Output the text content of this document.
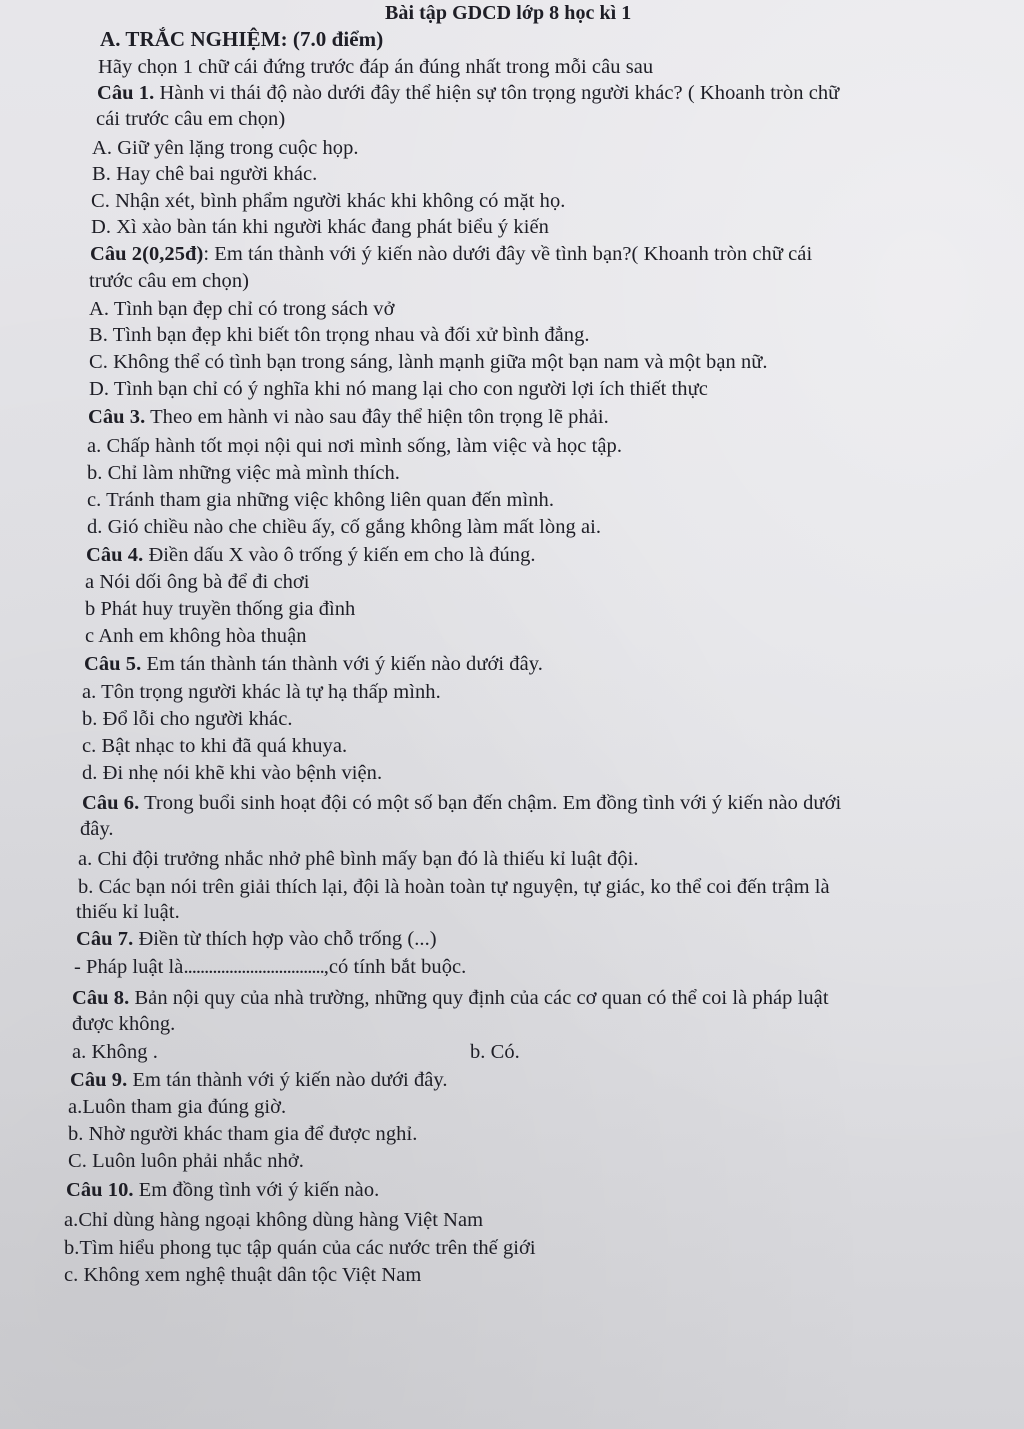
Bài tập GDCD lớp 8 học kì 1
A. TRẮC NGHIỆM: (7.0 điểm)
Hãy chọn 1 chữ cái đứng trước đáp án đúng nhất trong mỗi câu sau
Câu 1. Hành vi thái độ nào dưới đây thể hiện sự tôn trọng người khác? ( Khoanh tròn chữ
cái trước câu em chọn)
A. Giữ yên lặng trong cuộc họp.
B. Hay chê bai người khác.
C. Nhận xét, bình phẩm người khác khi không có mặt họ.
D. Xì xào bàn tán khi người khác đang phát biểu ý kiến
Câu 2(0,25đ): Em tán thành với ý kiến nào dưới đây về tình bạn?( Khoanh tròn chữ cái
trước câu em chọn)
A. Tình bạn đẹp chỉ có trong sách vở
B. Tình bạn đẹp khi biết tôn trọng nhau và đối xử bình đẳng.
C. Không thể có tình bạn trong sáng, lành mạnh giữa một bạn nam và một bạn nữ.
D. Tình bạn chỉ có ý nghĩa khi nó mang lại cho con người lợi ích thiết thực
Câu 3. Theo em hành vi nào sau đây thể hiện tôn trọng lẽ phải.
a. Chấp hành tốt mọi nội qui nơi mình sống, làm việc và học tập.
b. Chỉ làm những việc mà mình thích.
c. Tránh tham gia những việc không liên quan đến mình.
d. Gió chiều nào che chiều ấy, cố gắng không làm mất lòng ai.
Câu 4. Điền dấu X vào ô trống ý kiến em cho là đúng.
a Nói dối ông bà để đi chơi
b Phát huy truyền thống gia đình
c Anh em không hòa thuận
Câu 5. Em tán thành tán thành với ý kiến nào dưới đây.
a. Tôn trọng người khác là tự hạ thấp mình.
b. Đổ lỗi cho người khác.
c. Bật nhạc to khi đã quá khuya.
d. Đi nhẹ nói khẽ khi vào bệnh viện.
Câu 6. Trong buổi sinh hoạt đội có một số bạn đến chậm. Em đồng tình với ý kiến nào dưới
đây.
a. Chi đội trưởng nhắc nhở phê bình mấy bạn đó là thiếu kỉ luật đội.
b. Các bạn nói trên giải thích lại, đội là hoàn toàn tự nguyện, tự giác, ko thể coi đến trậm là
thiếu kỉ luật.
Câu 7. Điền từ thích hợp vào chỗ trống (...)
- Pháp luật là..................................,có tính bắt buộc.
Câu 8. Bản nội quy của nhà trường, những quy định của các cơ quan có thể coi là pháp luật
được không.
a. Không .	b. Có.
Câu 9. Em tán thành với ý kiến nào dưới đây.
a.Luôn tham gia đúng giờ.
b. Nhờ người khác tham gia để được nghỉ.
C. Luôn luôn phải nhắc nhở.
Câu 10. Em đồng tình với ý kiến nào.
a.Chỉ dùng hàng ngoại không dùng hàng Việt Nam
b.Tìm hiểu phong tục tập quán của các nước trên thế giới
c. Không xem nghệ thuật dân tộc Việt Nam
